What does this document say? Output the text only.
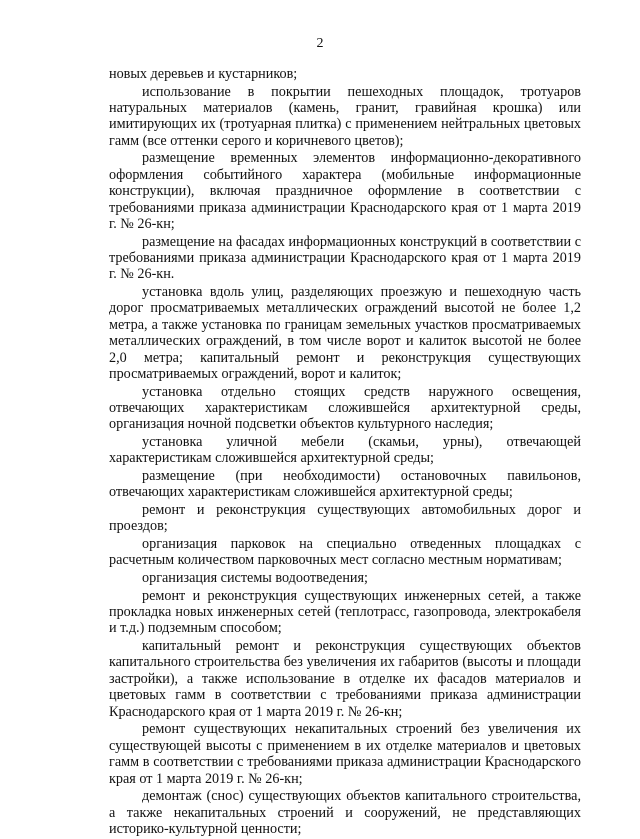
2

новых деревьев и кустарников;

использование в покрытии пешеходных площадок, тротуаров натуральных материалов (камень, гранит, гравийная крошка) или имитирующих их (тротуарная плитка) с применением нейтральных цветовых гамм (все оттенки серого и коричневого цветов);

размещение временных элементов информационно-декоративного оформления событийного характера (мобильные информационные конструкции), включая праздничное оформление в соответствии с требованиями приказа администрации Краснодарского края от 1 марта 2019 г. № 26-кн;

размещение на фасадах информационных конструкций в соответствии с требованиями приказа администрации Краснодарского края от 1 марта 2019 г. № 26-кн.

установка вдоль улиц, разделяющих проезжую и пешеходную часть дорог просматриваемых металлических ограждений высотой не более 1,2 метра, а также установка по границам земельных участков просматриваемых металлических ограждений, в том числе ворот и калиток высотой не более 2,0 метра; капитальный ремонт и реконструкция существующих просматриваемых ограждений, ворот и калиток;

установка отдельно стоящих средств наружного освещения, отвечающих характеристикам сложившейся архитектурной среды, организация ночной подсветки объектов культурного наследия;

установка уличной мебели (скамьи, урны), отвечающей характеристикам сложившейся архитектурной среды;

размещение (при необходимости) остановочных павильонов, отвечающих характеристикам сложившейся архитектурной среды;

ремонт и реконструкция существующих автомобильных дорог и проездов;

организация парковок на специально отведенных площадках с расчетным количеством парковочных мест согласно местным нормативам;

организация системы водоотведения;

ремонт и реконструкция существующих инженерных сетей, а также прокладка новых инженерных сетей (теплотрасс, газопровода, электрокабеля и т.д.) подземным способом;

капитальный ремонт и реконструкция существующих объектов капитального строительства без увеличения их габаритов (высоты и площади застройки), а также использование в отделке их фасадов материалов и цветовых гамм в соответствии с требованиями приказа администрации Краснодарского края от 1 марта 2019 г. № 26-кн;

ремонт существующих некапитальных строений без увеличения их существующей высоты с применением в их отделке материалов и цветовых гамм в соответствии с требованиями приказа администрации Краснодарского края от 1 марта 2019 г. № 26-кн;

демонтаж (снос) существующих объектов капитального строительства, а также некапитальных строений и сооружений, не представляющих историко-культурной ценности;
